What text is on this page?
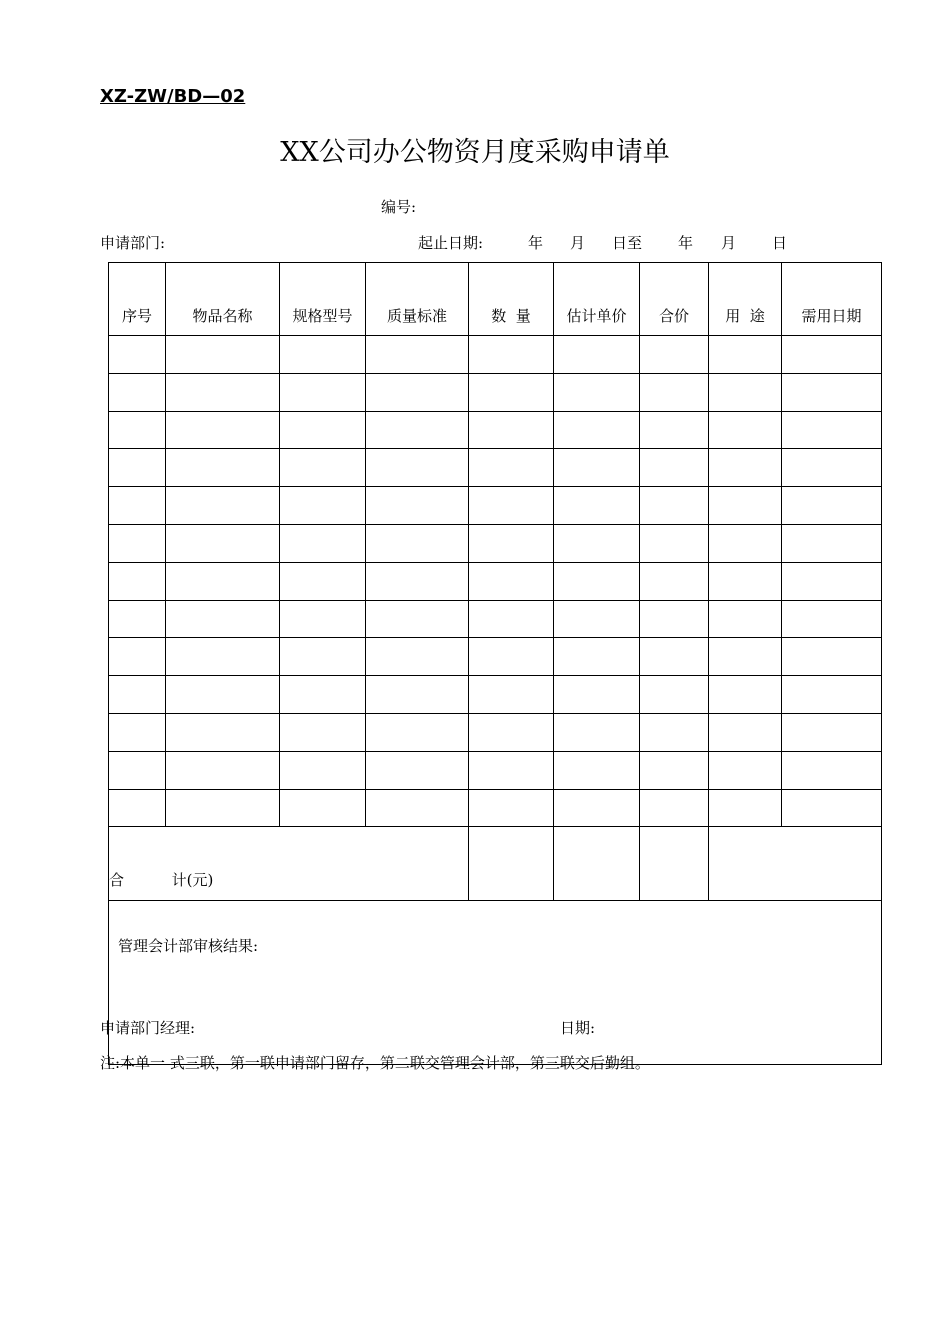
XZ-ZW/BD—02
XX公司办公物资月度采购申请单
编号:
申请部门:	起止日期:	年 月 日至 年 月 日
序号	物品名称	规格型号	质量标准	数  量	估计单价	合价	用  途	需用日期

合          计(元)								
管理会计部审核结果:								
申请部门经理:	日期:
注:本单一 式三联，第一联申请部门留存，第二联交管理会计部，第三联交后勤组。
